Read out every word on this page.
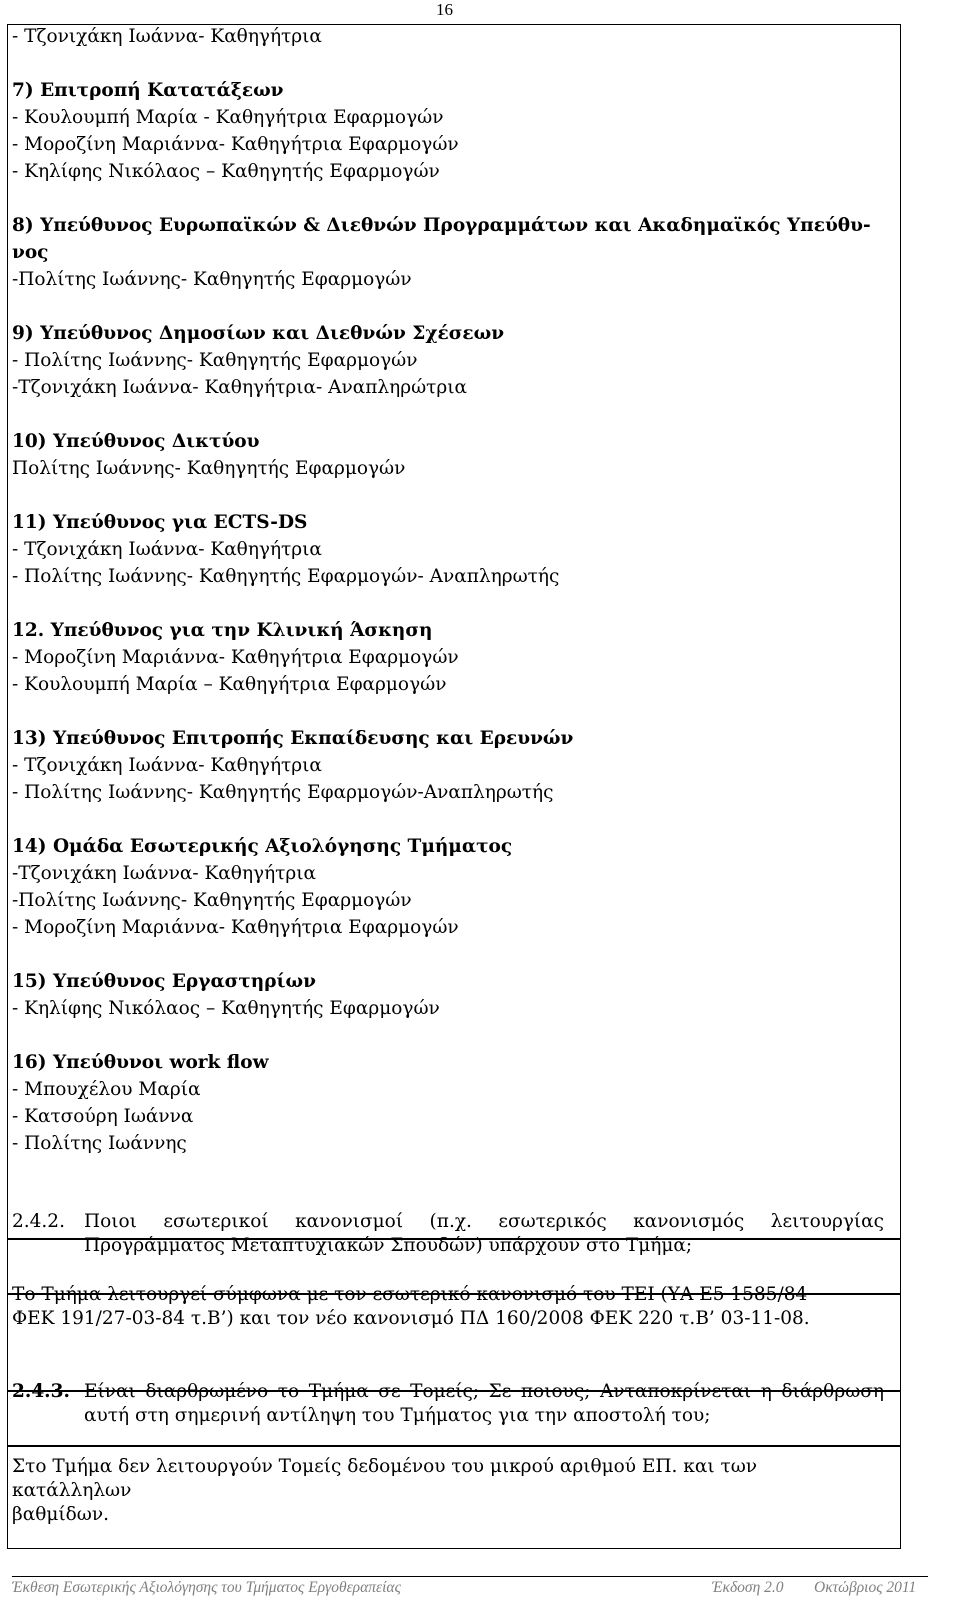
16
- Τζονιχάκη Ιωάννα- Καθηγήτρια
7) Επιτροπή Κατατάξεων
- Κουλουμπή Μαρία - Καθηγήτρια Εφαρμογών
- Μοροζίνη Μαριάννα- Καθηγήτρια Εφαρμογών
- Κηλίφης Νικόλαος – Καθηγητής Εφαρμογών
8) Υπεύθυνος Ευρωπαϊκών & Διεθνών Προγραμμάτων και Ακαδημαϊκός Υπεύθυ-
νος
-Πολίτης Ιωάννης- Καθηγητής Εφαρμογών
9) Υπεύθυνος Δημοσίων και Διεθνών Σχέσεων
- Πολίτης Ιωάννης- Καθηγητής Εφαρμογών
-Τζονιχάκη Ιωάννα- Καθηγήτρια- Αναπληρώτρια
10) Υπεύθυνος Δικτύου
Πολίτης Ιωάννης- Καθηγητής Εφαρμογών
11) Υπεύθυνος για ECTS-DS
- Τζονιχάκη Ιωάννα- Καθηγήτρια
- Πολίτης Ιωάννης- Καθηγητής Εφαρμογών- Αναπληρωτής
12. Υπεύθυνος για την Κλινική Άσκηση
- Μοροζίνη Μαριάννα- Καθηγήτρια Εφαρμογών
- Κουλουμπή Μαρία – Καθηγήτρια Εφαρμογών
13) Υπεύθυνος Επιτροπής Εκπαίδευσης και Ερευνών
- Τζονιχάκη Ιωάννα- Καθηγήτρια
- Πολίτης Ιωάννης- Καθηγητής Εφαρμογών-Αναπληρωτής
14) Ομάδα Εσωτερικής Αξιολόγησης Τμήματος
-Τζονιχάκη Ιωάννα- Καθηγήτρια
-Πολίτης Ιωάννης- Καθηγητής Εφαρμογών
- Μοροζίνη Μαριάννα- Καθηγήτρια Εφαρμογών
15) Υπεύθυνος Εργαστηρίων
- Κηλίφης Νικόλαος – Καθηγητής Εφαρμογών
16) Υπεύθυνοι work flow
- Μπουχέλου Μαρία
- Κατσούρη Ιωάννα
- Πολίτης Ιωάννης
2.4.2. Ποιοι εσωτερικοί κανονισμοί (π.χ. εσωτερικός κανονισμός λειτουργίας
Προγράμματος Μεταπτυχιακών Σπουδών) υπάρχουν στο Τμήμα;
Το Τμήμα λειτουργεί σύμφωνα με τον εσωτερικό κανονισμό του ΤΕΙ (ΥΑ Ε5 1585/84
ΦΕΚ 191/27-03-84 τ.Β’) και τον νέο κανονισμό ΠΔ 160/2008 ΦΕΚ 220 τ.Β’ 03-11-08.
2.4.3. Είναι διαρθρωμένο το Τμήμα σε Τομείς; Σε ποιους; Ανταποκρίνεται η διάρθρωση
αυτή στη σημερινή αντίληψη του Τμήματος για την αποστολή του;
Στο Τμήμα δεν λειτουργούν Τομείς δεδομένου του μικρού αριθμού ΕΠ. και των κατάλληλων
βαθμίδων.
Έκθεση Εσωτερικής Αξιολόγησης του Τμήματος Εργοθεραπείας	Έκδοση 2.0 Οκτώβριος 2011
